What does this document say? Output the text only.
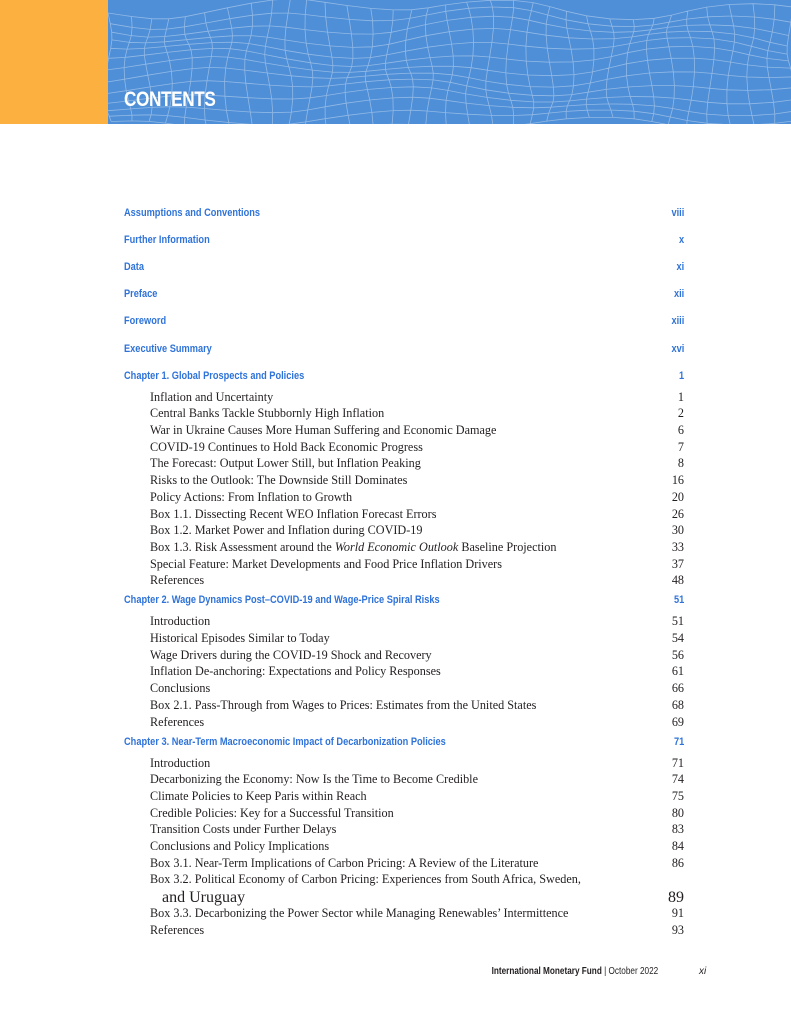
CONTENTS
Assumptions and Conventions	viii
Further Information	x
Data	xi
Preface	xii
Foreword	xiii
Executive Summary	xvi
Chapter 1. Global Prospects and Policies	1
Inflation and Uncertainty	1
Central Banks Tackle Stubbornly High Inflation	2
War in Ukraine Causes More Human Suffering and Economic Damage	6
COVID-19 Continues to Hold Back Economic Progress	7
The Forecast: Output Lower Still, but Inflation Peaking	8
Risks to the Outlook: The Downside Still Dominates	16
Policy Actions: From Inflation to Growth	20
Box 1.1. Dissecting Recent WEO Inflation Forecast Errors	26
Box 1.2. Market Power and Inflation during COVID-19	30
Box 1.3. Risk Assessment around the World Economic Outlook Baseline Projection	33
Special Feature: Market Developments and Food Price Inflation Drivers	37
References	48
Chapter 2. Wage Dynamics Post–COVID-19 and Wage-Price Spiral Risks	51
Introduction	51
Historical Episodes Similar to Today	54
Wage Drivers during the COVID-19 Shock and Recovery	56
Inflation De-anchoring: Expectations and Policy Responses	61
Conclusions	66
Box 2.1. Pass-Through from Wages to Prices: Estimates from the United States	68
References	69
Chapter 3. Near-Term Macroeconomic Impact of Decarbonization Policies	71
Introduction	71
Decarbonizing the Economy: Now Is the Time to Become Credible	74
Climate Policies to Keep Paris within Reach	75
Credible Policies: Key for a Successful Transition	80
Transition Costs under Further Delays	83
Conclusions and Policy Implications	84
Box 3.1. Near-Term Implications of Carbon Pricing: A Review of the Literature	86
Box 3.2. Political Economy of Carbon Pricing: Experiences from South Africa, Sweden,
and Uruguay	89
Box 3.3. Decarbonizing the Power Sector while Managing Renewables’ Intermittence	91
References	93
International Monetary Fund | October 2022	xi
